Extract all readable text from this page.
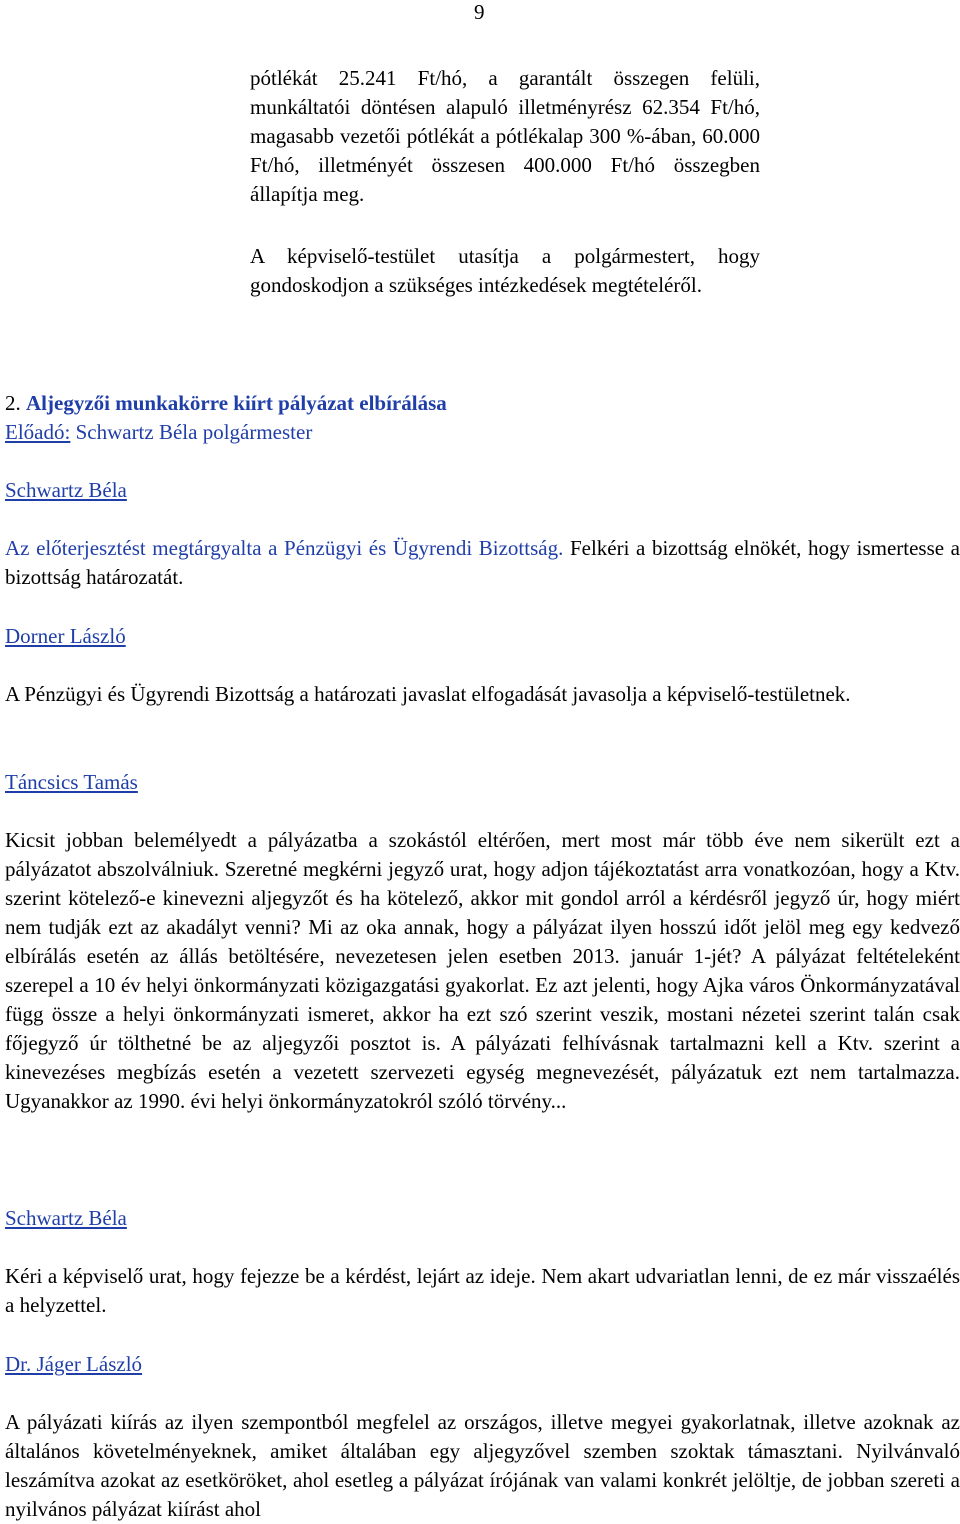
9
pótlékát 25.241 Ft/hó, a garantált összegen felüli, munkáltatói döntésen alapuló illetményrész 62.354 Ft/hó, magasabb vezetői pótlékát a pótlékalap 300 %-ában, 60.000 Ft/hó, illetményét összesen 400.000 Ft/hó összegben állapítja meg.
A képviselő-testület utasítja a polgármestert, hogy gondoskodjon a szükséges intézkedések megtételéről.
2. Aljegyzői munkakörre kiírt pályázat elbírálása
Előadó: Schwartz Béla polgármester
Schwartz Béla
Az előterjesztést megtárgyalta a Pénzügyi és Ügyrendi Bizottság. Felkéri a bizottság elnökét, hogy ismertesse a bizottság határozatát.
Dorner László
A Pénzügyi és Ügyrendi Bizottság a határozati javaslat elfogadását javasolja a képviselő-testületnek.
Táncsics Tamás
Kicsit jobban belemélyedt a pályázatba a szokástól eltérően, mert most már több éve nem sikerült ezt a pályázatot abszolválniuk. Szeretné megkérni jegyző urat, hogy adjon tájékoztatást arra vonatkozóan, hogy a Ktv. szerint kötelező-e kinevezni aljegyzőt és ha kötelező, akkor mit gondol arról a kérdésről jegyző úr, hogy miért nem tudják ezt az akadályt venni? Mi az oka annak, hogy a pályázat ilyen hosszú időt jelöl meg egy kedvező elbírálás esetén az állás betöltésére, nevezetesen jelen esetben 2013. január 1-jét? A pályázat feltételeként szerepel a 10 év helyi önkormányzati közigazgatási gyakorlat. Ez azt jelenti, hogy Ajka város Önkormányzatával függ össze a helyi önkormányzati ismeret, akkor ha ezt szó szerint veszik, mostani nézetei szerint talán csak főjegyző úr tölthetné be az aljegyzői posztot is. A pályázati felhívásnak tartalmazni kell a Ktv. szerint a kinevezéses megbízás esetén a vezetett szervezeti egység megnevezését, pályázatuk ezt nem tartalmazza. Ugyanakkor az 1990. évi helyi önkormányzatokról szóló törvény...
Schwartz Béla
Kéri a képviselő urat, hogy fejezze be a kérdést, lejárt az ideje. Nem akart udvariatlan lenni, de ez már visszaélés a helyzettel.
Dr. Jáger László
A pályázati kiírás az ilyen szempontból megfelel az országos, illetve megyei gyakorlatnak, illetve azoknak az általános követelményeknek, amiket általában egy aljegyzővel szemben szoktak támasztani. Nyilvánvaló leszámítva azokat az esetköröket, ahol esetleg a pályázat írójának van valami konkrét jelöltje, de jobban szereti a nyilvános pályázat kiírást ahol
